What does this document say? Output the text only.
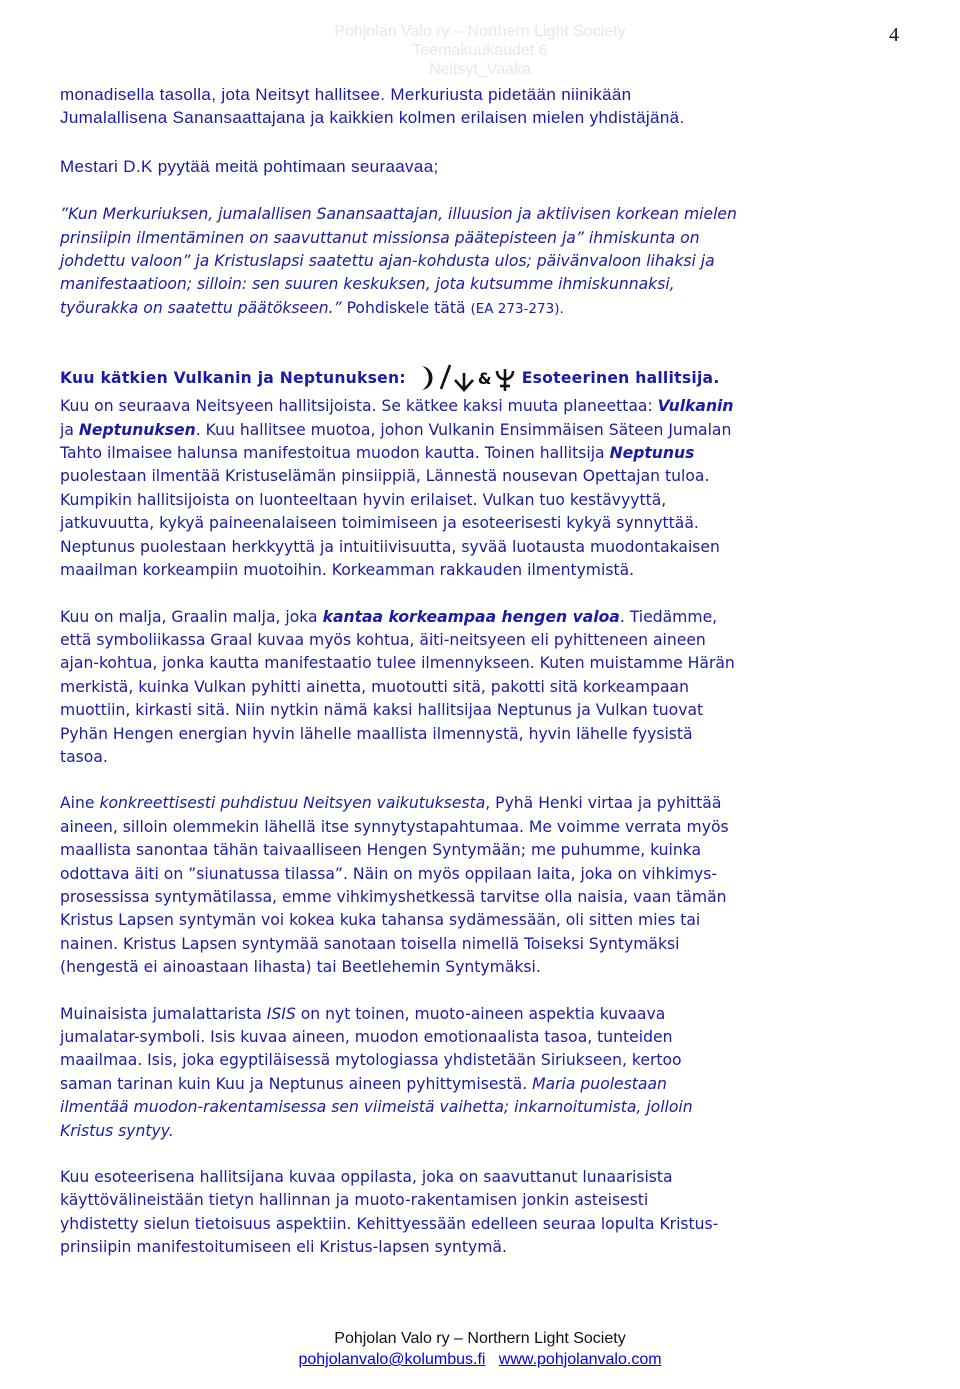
Pohjolan Valo ry – Northern Light Society
Teemakuukaudet 6
Neitsyt_Vaaka
4

monadisella tasolla, jota Neitsyt hallitsee. Merkuriusta pidetään niinikään
Jumalallisena Sanansaattajana ja kaikkien kolmen erilaisen mielen yhdistäjänä.

Mestari D.K pyytää meitä pohtimaan seuraavaa;

”Kun Merkuriuksen, jumalallisen Sanansaattajan, illuusion ja aktiivisen korkean mielen
prinsiipin ilmentäminen on saavuttanut missionsa päätepisteen ja” ihmiskunta on
johdettu valoon” ja Kristuslapsi saatettu ajan-kohdusta ulos; päivänvaloon lihaksi ja
manifestaatioon; silloin: sen suuren keskuksen, jota kutsumme ihmiskunnaksi,
työurakka on saatettu päätökseen.” Pohdiskele tätä (EA 273-273).

Kuu kätkien Vulkanin ja Neptunuksen:	& Esoteerinen hallitsija.

Kuu on seuraava Neitsyeen hallitsijoista. Se kätkee kaksi muuta planeettaa: Vulkanin
ja Neptunuksen. Kuu hallitsee muotoa, johon Vulkanin Ensimmäisen Säteen Jumalan
Tahto ilmaisee halunsa manifestoitua muodon kautta. Toinen hallitsija Neptunus
puolestaan ilmentää Kristuselämän pinsiippiä, Lännestä nousevan Opettajan tuloa.
Kumpikin hallitsijoista on luonteeltaan hyvin erilaiset. Vulkan tuo kestävyyttä,
jatkuvuutta, kykyä paineenalaiseen toimimiseen ja esoteerisesti kykyä synnyttää.
Neptunus puolestaan herkkyyttä ja intuitiivisuutta, syvää luotausta muodontakaisen
maailman korkeampiin muotoihin. Korkeamman rakkauden ilmentymistä.

Kuu on malja, Graalin malja, joka kantaa korkeampaa hengen valoa. Tiedämme,
että symboliikassa Graal kuvaa myös kohtua, äiti-neitsyeen eli pyhitteneen aineen
ajan-kohtua, jonka kautta manifestaatio tulee ilmennykseen. Kuten muistamme Härän
merkistä, kuinka Vulkan pyhitti ainetta, muotoutti sitä, pakotti sitä korkeampaan
muottiin, kirkasti sitä. Niin nytkin nämä kaksi hallitsijaa Neptunus ja Vulkan tuovat
Pyhän Hengen energian hyvin lähelle maallista ilmennystä, hyvin lähelle fyysistä
tasoa.

Aine konkreettisesti puhdistuu Neitsyen vaikutuksesta, Pyhä Henki virtaa ja pyhittää
aineen, silloin olemmekin lähellä itse synnytystapahtumaa. Me voimme verrata myös
maallista sanontaa tähän taivaalliseen Hengen Syntymään; me puhumme, kuinka
odottava äiti on ”siunatussa tilassa”. Näin on myös oppilaan laita, joka on vihkimys-
prosessissa syntymätilassa, emme vihkimyshetkessä tarvitse olla naisia, vaan tämän
Kristus Lapsen syntymän voi kokea kuka tahansa sydämessään, oli sitten mies tai
nainen. Kristus Lapsen syntymää sanotaan toisella nimellä Toiseksi Syntymäksi
(hengestä ei ainoastaan lihasta) tai Beetlehemin Syntymäksi.

Muinaisista jumalattarista ISIS on nyt toinen, muoto-aineen aspektia kuvaava
jumalatar-symboli. Isis kuvaa aineen, muodon emotionaalista tasoa, tunteiden
maailmaa. Isis, joka egyptiläisessä mytologiassa yhdistetään Siriukseen, kertoo
saman tarinan kuin Kuu ja Neptunus aineen pyhittymisestä. Maria puolestaan
ilmentää muodon-rakentamisessa sen viimeistä vaihetta; inkarnoitumista, jolloin
Kristus syntyy.

Kuu esoteerisena hallitsijana kuvaa oppilasta, joka on saavuttanut lunaarisista
käyttövälineistään tietyn hallinnan ja muoto-rakentamisen jonkin asteisesti
yhdistetty sielun tietoisuus aspektiin. Kehittyessään edelleen seuraa lopulta Kristus-
prinsiipin manifestoitumiseen eli Kristus-lapsen syntymä.

Pohjolan Valo ry – Northern Light Society
pohjolanvalo@kolumbus.fi www.pohjolanvalo.com
